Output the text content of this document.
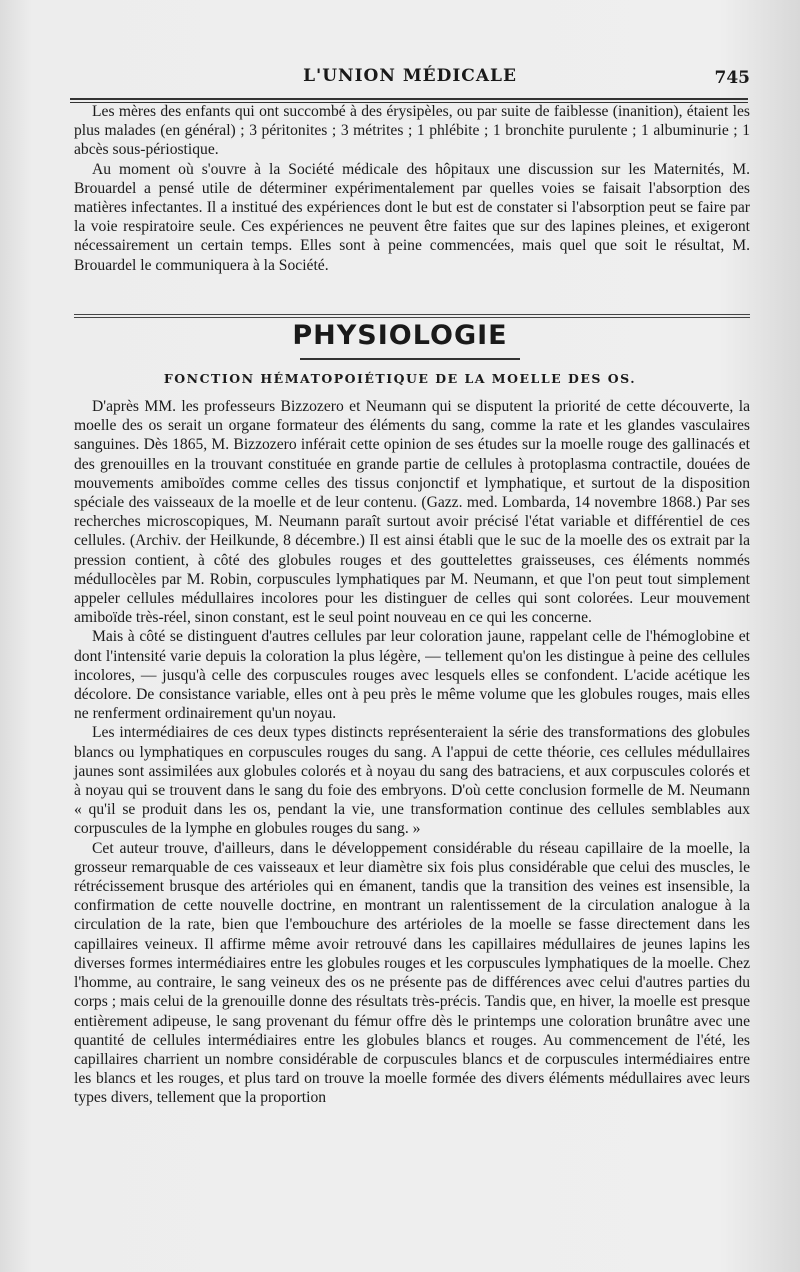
L'UNION MÉDICALE	745

Les mères des enfants qui ont succombé à des érysipèles, ou par suite de faiblesse (inanition), étaient les plus malades (en général) ; 3 péritonites ; 3 métrites ; 1 phlébite ; 1 bronchite purulente ; 1 albuminurie ; 1 abcès sous-périostique.

Au moment où s'ouvre à la Société médicale des hôpitaux une discussion sur les Maternités, M. Brouardel a pensé utile de déterminer expérimentalement par quelles voies se faisait l'absorption des matières infectantes. Il a institué des expériences dont le but est de constater si l'absorption peut se faire par la voie respiratoire seule. Ces expériences ne peuvent être faites que sur des lapines pleines, et exigeront nécessairement un certain temps. Elles sont à peine commencées, mais quel que soit le résultat, M. Brouardel le communiquera à la Société.

PHYSIOLOGIE
FONCTION HÉMATOPOIÉTIQUE DE LA MOELLE DES OS.

D'après MM. les professeurs Bizzozero et Neumann qui se disputent la priorité de cette découverte, la moelle des os serait un organe formateur des éléments du sang, comme la rate et les glandes vasculaires sanguines. Dès 1865, M. Bizzozero inférait cette opinion de ses études sur la moelle rouge des gallinacés et des grenouilles en la trouvant constituée en grande partie de cellules à protoplasma contractile, douées de mouvements amiboïdes comme celles des tissus conjonctif et lymphatique, et surtout de la disposition spéciale des vaisseaux de la moelle et de leur contenu. (Gazz. med. Lombarda, 14 novembre 1868.) Par ses recherches microscopiques, M. Neumann paraît surtout avoir précisé l'état variable et différentiel de ces cellules. (Archiv. der Heilkunde, 8 décembre.) Il est ainsi établi que le suc de la moelle des os extrait par la pression contient, à côté des globules rouges et des gouttelettes graisseuses, ces éléments nommés médullocèles par M. Robin, corpuscules lymphatiques par M. Neumann, et que l'on peut tout simplement appeler cellules médullaires incolores pour les distinguer de celles qui sont colorées. Leur mouvement amiboïde très-réel, sinon constant, est le seul point nouveau en ce qui les concerne.

Mais à côté se distinguent d'autres cellules par leur coloration jaune, rappelant celle de l'hémoglobine et dont l'intensité varie depuis la coloration la plus légère, — tellement qu'on les distingue à peine des cellules incolores, — jusqu'à celle des corpuscules rouges avec lesquels elles se confondent. L'acide acétique les décolore. De consistance variable, elles ont à peu près le même volume que les globules rouges, mais elles ne renferment ordinairement qu'un noyau.

Les intermédiaires de ces deux types distincts représenteraient la série des transformations des globules blancs ou lymphatiques en corpuscules rouges du sang. A l'appui de cette théorie, ces cellules médullaires jaunes sont assimilées aux globules colorés et à noyau du sang des batraciens, et aux corpuscules colorés et à noyau qui se trouvent dans le sang du foie des embryons. D'où cette conclusion formelle de M. Neumann « qu'il se produit dans les os, pendant la vie, une transformation continue des cellules semblables aux corpuscules de la lymphe en globules rouges du sang. »

Cet auteur trouve, d'ailleurs, dans le développement considérable du réseau capillaire de la moelle, la grosseur remarquable de ces vaisseaux et leur diamètre six fois plus considérable que celui des muscles, le rétrécissement brusque des artérioles qui en émanent, tandis que la transition des veines est insensible, la confirmation de cette nouvelle doctrine, en montrant un ralentissement de la circulation analogue à la circulation de la rate, bien que l'embouchure des artérioles de la moelle se fasse directement dans les capillaires veineux. Il affirme même avoir retrouvé dans les capillaires médullaires de jeunes lapins les diverses formes intermédiaires entre les globules rouges et les corpuscules lymphatiques de la moelle. Chez l'homme, au contraire, le sang veineux des os ne présente pas de différences avec celui d'autres parties du corps ; mais celui de la grenouille donne des résultats très-précis. Tandis que, en hiver, la moelle est presque entièrement adipeuse, le sang provenant du fémur offre dès le printemps une coloration brunâtre avec une quantité de cellules intermédiaires entre les globules blancs et rouges. Au commencement de l'été, les capillaires charrient un nombre considérable de corpuscules blancs et de corpuscules intermédiaires entre les blancs et les rouges, et plus tard on trouve la moelle formée des divers éléments médullaires avec leurs types divers, tellement que la proportion
